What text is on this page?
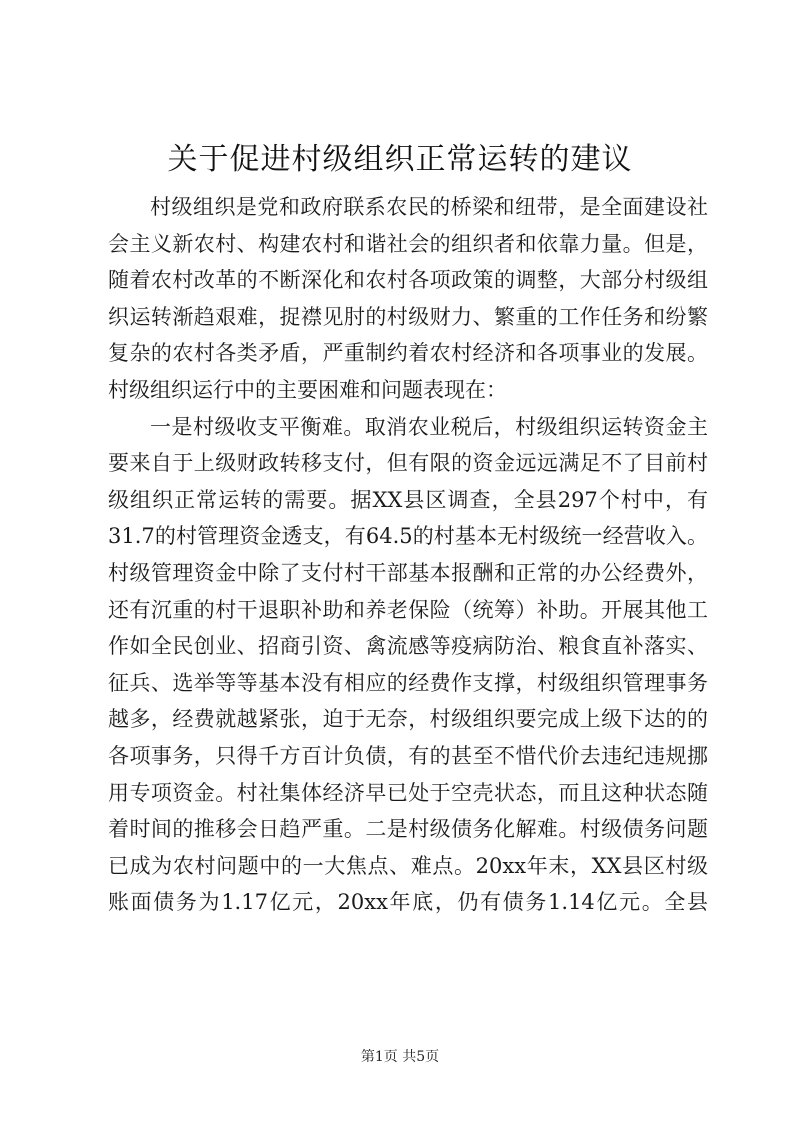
关于促进村级组织正常运转的建议
村级组织是党和政府联系农民的桥梁和纽带，是全面建设社
会主义新农村、构建农村和谐社会的组织者和依靠力量。但是，
随着农村改革的不断深化和农村各项政策的调整，大部分村级组
织运转渐趋艰难，捉襟见肘的村级财力、繁重的工作任务和纷繁
复杂的农村各类矛盾，严重制约着农村经济和各项事业的发展。
村级组织运行中的主要困难和问题表现在：
一是村级收支平衡难。取消农业税后，村级组织运转资金主
要来自于上级财政转移支付，但有限的资金远远满足不了目前村
级组织正常运转的需要。据XX县区调查，全县297个村中，有
31.7的村管理资金透支，有64.5的村基本无村级统一经营收入。
村级管理资金中除了支付村干部基本报酬和正常的办公经费外，
还有沉重的村干退职补助和养老保险（统筹）补助。开展其他工
作如全民创业、招商引资、禽流感等疫病防治、粮食直补落实、
征兵、选举等等基本没有相应的经费作支撑，村级组织管理事务
越多，经费就越紧张，迫于无奈，村级组织要完成上级下达的的
各项事务，只得千方百计负债，有的甚至不惜代价去违纪违规挪
用专项资金。村社集体经济早已处于空壳状态，而且这种状态随
着时间的推移会日趋严重。二是村级债务化解难。村级债务问题
已成为农村问题中的一大焦点、难点。20xx年末，XX县区村级
账面债务为1.17亿元，20xx年底，仍有债务1.14亿元。全县
第1页 共5页
